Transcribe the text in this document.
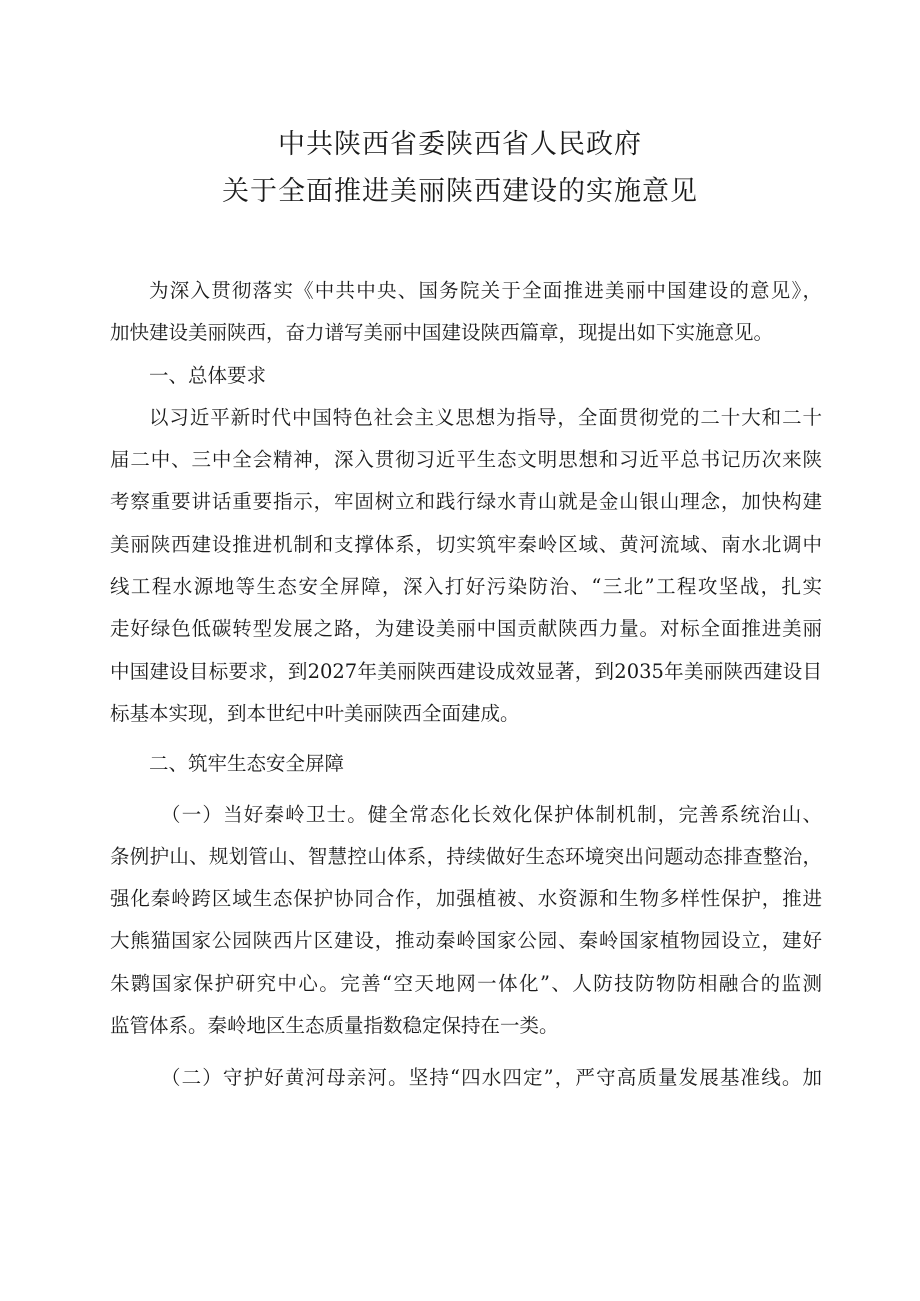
中共陕西省委陕西省人民政府
关于全面推进美丽陕西建设的实施意见
为深入贯彻落实《中共中央、国务院关于全面推进美丽中国建设的意见》，
加快建设美丽陕西，奋力谱写美丽中国建设陕西篇章，现提出如下实施意见。
一、总体要求
以习近平新时代中国特色社会主义思想为指导，全面贯彻党的二十大和二十
届二中、三中全会精神，深入贯彻习近平生态文明思想和习近平总书记历次来陕
考察重要讲话重要指示，牢固树立和践行绿水青山就是金山银山理念，加快构建
美丽陕西建设推进机制和支撑体系，切实筑牢秦岭区域、黄河流域、南水北调中
线工程水源地等生态安全屏障，深入打好污染防治、“三北”工程攻坚战，扎实
走好绿色低碳转型发展之路，为建设美丽中国贡献陕西力量。对标全面推进美丽
中国建设目标要求，到2027年美丽陕西建设成效显著，到2035年美丽陕西建设目
标基本实现，到本世纪中叶美丽陕西全面建成。
二、筑牢生态安全屏障
（一）当好秦岭卫士。健全常态化长效化保护体制机制，完善系统治山、
条例护山、规划管山、智慧控山体系，持续做好生态环境突出问题动态排查整治，
强化秦岭跨区域生态保护协同合作，加强植被、水资源和生物多样性保护，推进
大熊猫国家公园陕西片区建设，推动秦岭国家公园、秦岭国家植物园设立，建好
朱鹮国家保护研究中心。完善“空天地网一体化”、人防技防物防相融合的监测
监管体系。秦岭地区生态质量指数稳定保持在一类。
（二）守护好黄河母亲河。坚持“四水四定”，严守高质量发展基准线。加
